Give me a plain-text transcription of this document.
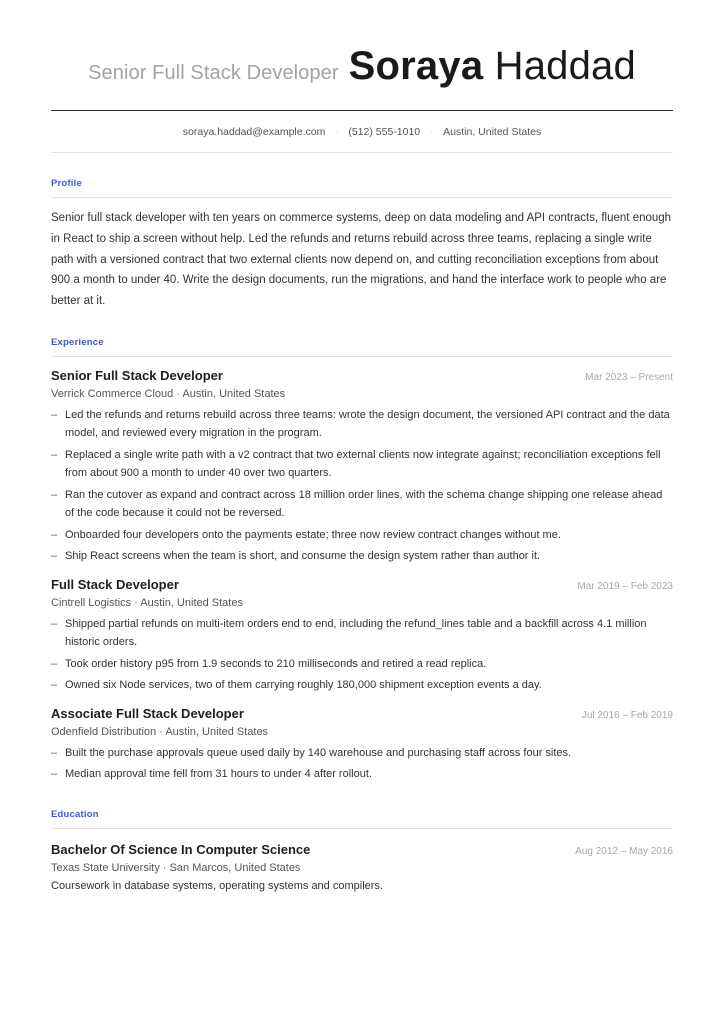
Senior Full Stack Developer Soraya Haddad
soraya.haddad@example.com · (512) 555-1010 · Austin, United States
Profile

Senior full stack developer with ten years on commerce systems, deep on data modeling and API contracts, fluent enough in React to ship a screen without help. Led the refunds and returns rebuild across three teams, replacing a single write path with a versioned contract that two external clients now depend on, and cutting reconciliation exceptions from about 900 a month to under 40. Write the design documents, run the migrations, and hand the interface work to people who are better at it.

Experience
Senior Full Stack Developer	Mar 2023 – Present
Verrick Commerce Cloud · Austin, United States
– Led the refunds and returns rebuild across three teams: wrote the design document, the versioned API contract and the data model, and reviewed every migration in the program.
– Replaced a single write path with a v2 contract that two external clients now integrate against; reconciliation exceptions fell from about 900 a month to under 40 over two quarters.
– Ran the cutover as expand and contract across 18 million order lines, with the schema change shipping one release ahead of the code because it could not be reversed.
– Onboarded four developers onto the payments estate; three now review contract changes without me.
– Ship React screens when the team is short, and consume the design system rather than author it.
Full Stack Developer	Mar 2019 – Feb 2023
Cintrell Logistics · Austin, United States
– Shipped partial refunds on multi-item orders end to end, including the refund_lines table and a backfill across 4.1 million historic orders.
– Took order history p95 from 1.9 seconds to 210 milliseconds and retired a read replica.
– Owned six Node services, two of them carrying roughly 180,000 shipment exception events a day.
Associate Full Stack Developer	Jul 2016 – Feb 2019
Odenfield Distribution · Austin, United States
– Built the purchase approvals queue used daily by 140 warehouse and purchasing staff across four sites.
– Median approval time fell from 31 hours to under 4 after rollout.
Education
Bachelor Of Science In Computer Science	Aug 2012 – May 2016
Texas State University · San Marcos, United States
Coursework in database systems, operating systems and compilers.
